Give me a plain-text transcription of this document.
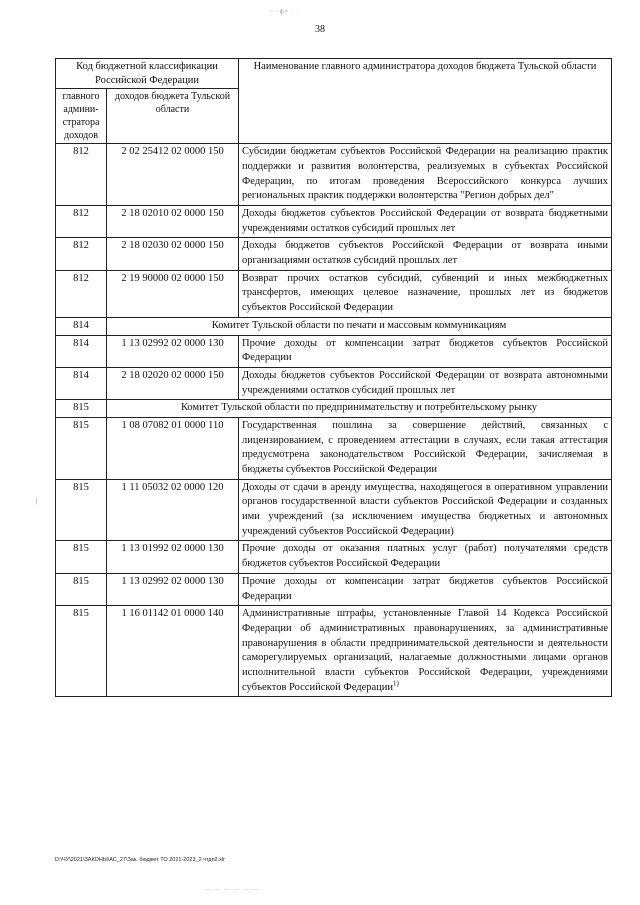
~ ·ф≠ · ·
38
|
Код бюджетной классификации Российской Федерации		Наименование главного администратора доходов бюджета Тульской области
главного админи-стратора доходов	доходов бюджета Тульской области	
812	2 02 25412 02 0000 150	Субсидии бюджетам субъектов Российской Федерации на реализацию практик поддержки и развития волонтерства, реализуемых в субъектах Российской Федерации, по итогам проведения Всероссийского конкурса лучших региональных практик поддержки волонтерства "Регион добрых дел"
812	2 18 02010 02 0000 150	Доходы бюджетов субъектов Российской Федерации от возврата бюджетными учреждениями остатков субсидий прошлых лет
812	2 18 02030 02 0000 150	Доходы бюджетов субъектов Российской Федерации от возврата иными организациями остатков субсидий прошлых лет
812	2 19 90000 02 0000 150	Возврат прочих остатков субсидий, субвенций и иных межбюджетных трансфертов, имеющих целевое назначение, прошлых лет из бюджетов субъектов Российской Федерации
814	Комитет Тульской области по печати и массовым коммуникациям	
814	1 13 02992 02 0000 130	Прочие доходы от компенсации затрат бюджетов субъектов Российской Федерации
814	2 18 02020 02 0000 150	Доходы бюджетов субъектов Российской Федерации от возврата автономными учреждениями остатков субсидий прошлых лет
815	Комитет Тульской области по предпринимательству и потребительскому рынку	
815	1 08 07082 01 0000 110	Государственная пошлина за совершение действий, связанных с лицензированием, с проведением аттестации в случаях, если такая аттестация предусмотрена законодательством Российской Федерации, зачисляемая в бюджеты субъектов Российской Федерации
815	1 11 05032 02 0000 120	Доходы от сдачи в аренду имущества, находящегося в оперативном управлении органов государственной власти субъектов Российской Федерации и созданных ими учреждений (за исключением имущества бюджетных и автономных учреждений субъектов Российской Федерации)
815	1 13 01992 02 0000 130	Прочие доходы от оказания платных услуг (работ) получателями средств бюджетов субъектов Российской Федерации
815	1 13 02992 02 0000 130	Прочие доходы от компенсации затрат бюджетов субъектов Российской Федерации
815	1 16 01142 01 0000 140	Административные штрафы, установленные Главой 14 Кодекса Российской Федерации об административных правонарушениях, за административные правонарушения в области предпринимательской деятельности и деятельности саморегулируемых организаций, налагаемые должностными лицами органов исполнительной власти субъектов Российской Федерации, учреждениями субъектов Российской Федерации$^{1)}$
D:\ЧУ\2021\ЗАКОНЫ\АС_27\Зак. бюджет ТО 2021-2023_2 чтдп2.xlr
— — — — — —
